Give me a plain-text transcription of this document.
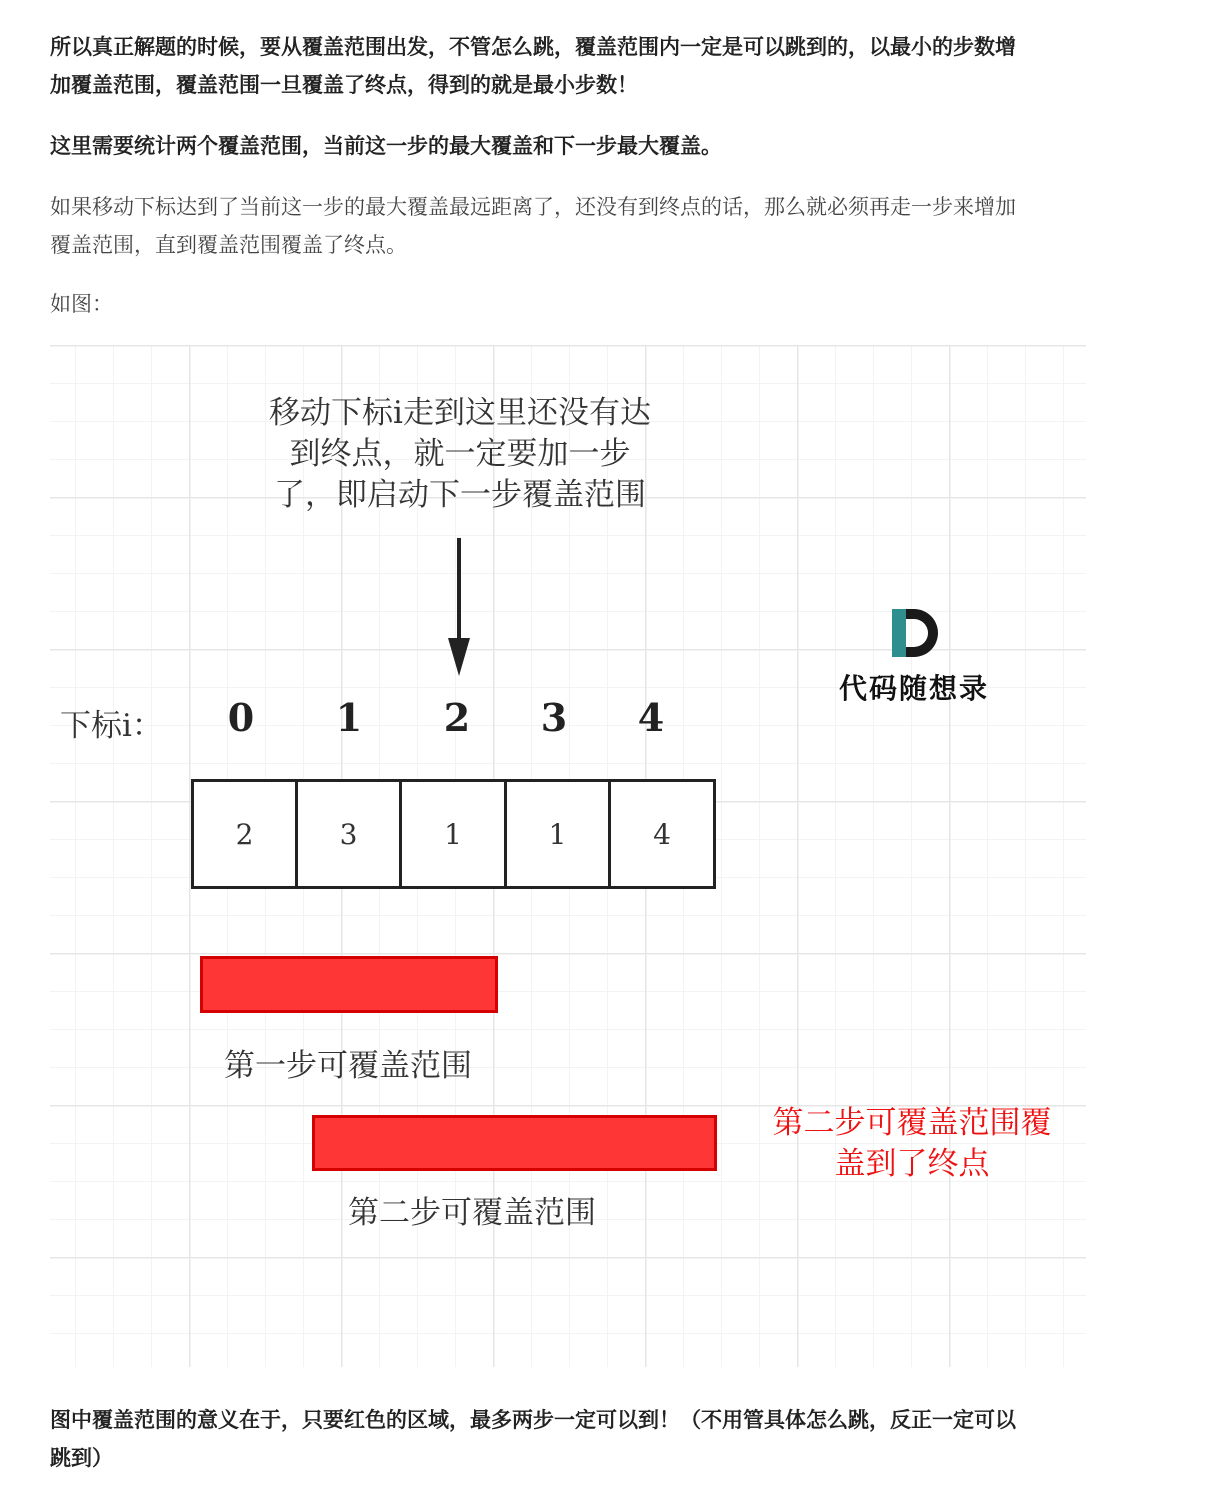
所以真正解题的时候，要从覆盖范围出发，不管怎么跳，覆盖范围内一定是可以跳到的，以最小的步数增
加覆盖范围，覆盖范围一旦覆盖了终点，得到的就是最小步数！

这里需要统计两个覆盖范围，当前这一步的最大覆盖和下一步最大覆盖。

如果移动下标达到了当前这一步的最大覆盖最远距离了，还没有到终点的话，那么就必须再走一步来增加
覆盖范围，直到覆盖范围覆盖了终点。

如图：

移动下标i走到这里还没有达
到终点，就一定要加一步
了，即启动下一步覆盖范围

代码随想录
下标i：	0	1	2	3	4
2	3	1	1	4
第一步可覆盖范围
第二步可覆盖范围

第二步可覆盖范围覆
盖到了终点

图中覆盖范围的意义在于，只要红色的区域，最多两步一定可以到！（不用管具体怎么跳，反正一定可以
跳到）
